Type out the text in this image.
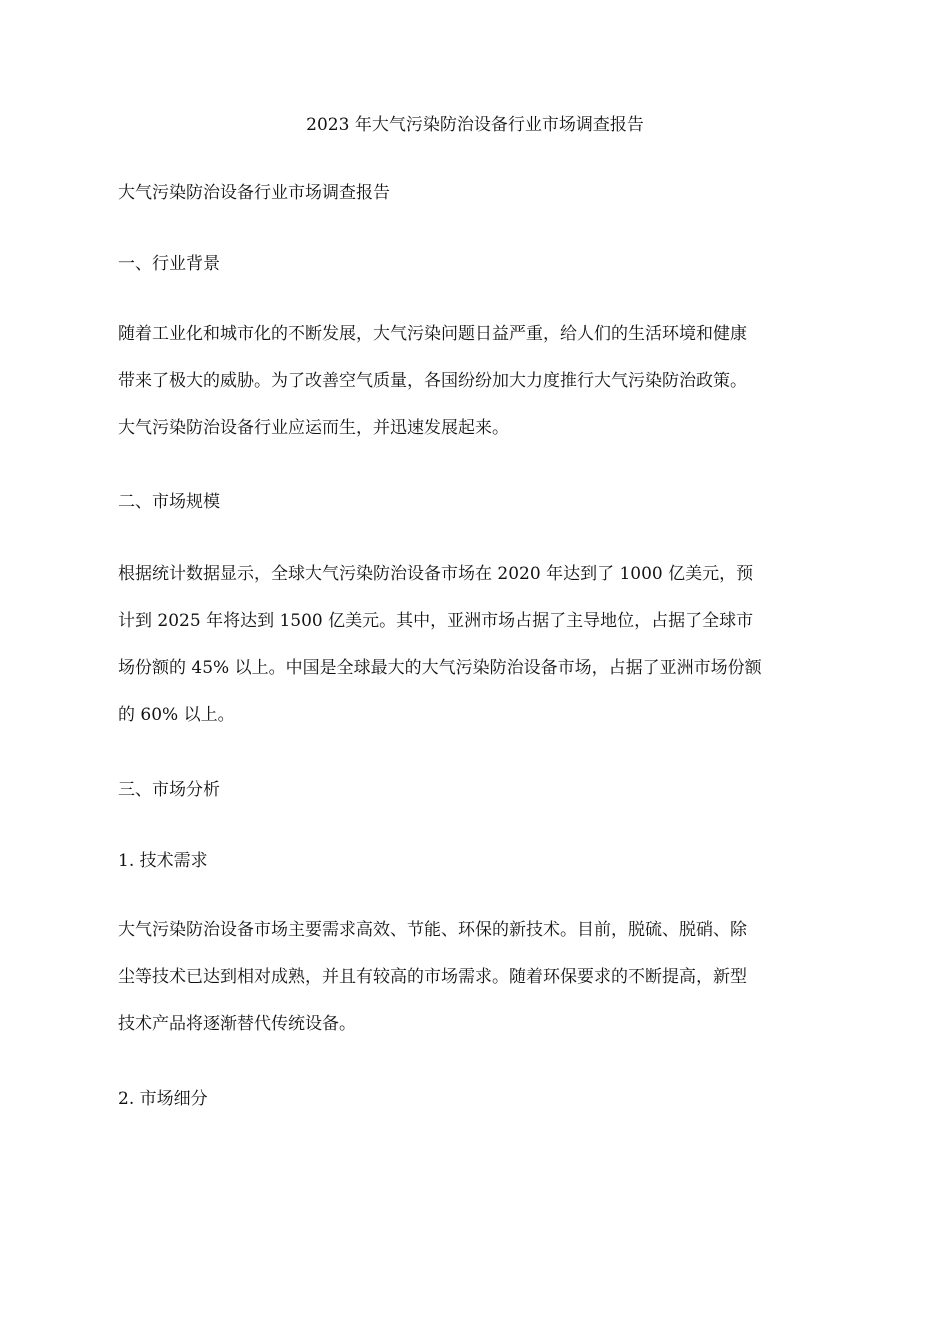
2023 年大气污染防治设备行业市场调查报告
大气污染防治设备行业市场调查报告
一、行业背景
随着工业化和城市化的不断发展，大气污染问题日益严重，给人们的生活环境和健康
带来了极大的威胁。为了改善空气质量，各国纷纷加大力度推行大气污染防治政策。
大气污染防治设备行业应运而生，并迅速发展起来。
二、市场规模
根据统计数据显示，全球大气污染防治设备市场在 2020 年达到了 1000 亿美元，预
计到 2025 年将达到 1500 亿美元。其中，亚洲市场占据了主导地位，占据了全球市
场份额的 45% 以上。中国是全球最大的大气污染防治设备市场，占据了亚洲市场份额
的 60% 以上。
三、市场分析
1. 技术需求
大气污染防治设备市场主要需求高效、节能、环保的新技术。目前，脱硫、脱硝、除
尘等技术已达到相对成熟，并且有较高的市场需求。随着环保要求的不断提高，新型
技术产品将逐渐替代传统设备。
2. 市场细分
